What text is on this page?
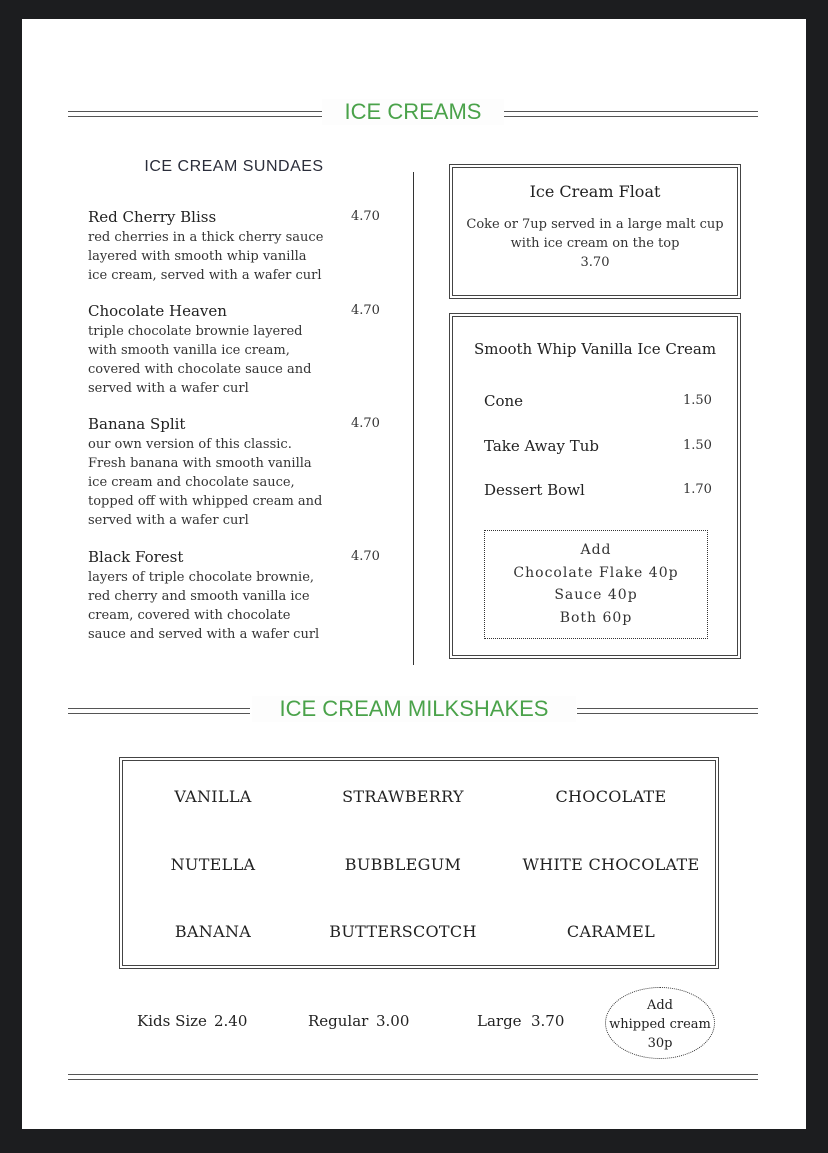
ICE CREAMS
ICE CREAM SUNDAES
Red Cherry Bliss	4.70
red cherries in a thick cherry sauce
layered with smooth whip vanilla
ice cream, served with a wafer curl
Chocolate Heaven	4.70
triple chocolate brownie layered
with smooth vanilla ice cream,
covered with chocolate sauce and
served with a wafer curl
Banana Split	4.70
our own version of this classic.
Fresh banana with smooth vanilla
ice cream and chocolate sauce,
topped off with whipped cream and
served with a wafer curl
Black Forest	4.70
layers of triple chocolate brownie,
red cherry and smooth vanilla ice
cream, covered with chocolate
sauce and served with a wafer curl
Ice Cream Float
Coke or 7up served in a large malt cup
with ice cream on the top
3.70
Smooth Whip Vanilla Ice Cream
Cone	1.50
Take Away Tub	1.50
Dessert Bowl	1.70
Add
Chocolate Flake 40p
Sauce 40p
Both 60p
ICE CREAM MILKSHAKES
VANILLA	STRAWBERRY	CHOCOLATE
NUTELLA	BUBBLEGUM	WHITE CHOCOLATE
BANANA	BUTTERSCOTCH	CARAMEL
Kids Size 2.40	Regular 3.00	Large 3.70
Add
whipped cream
30p
